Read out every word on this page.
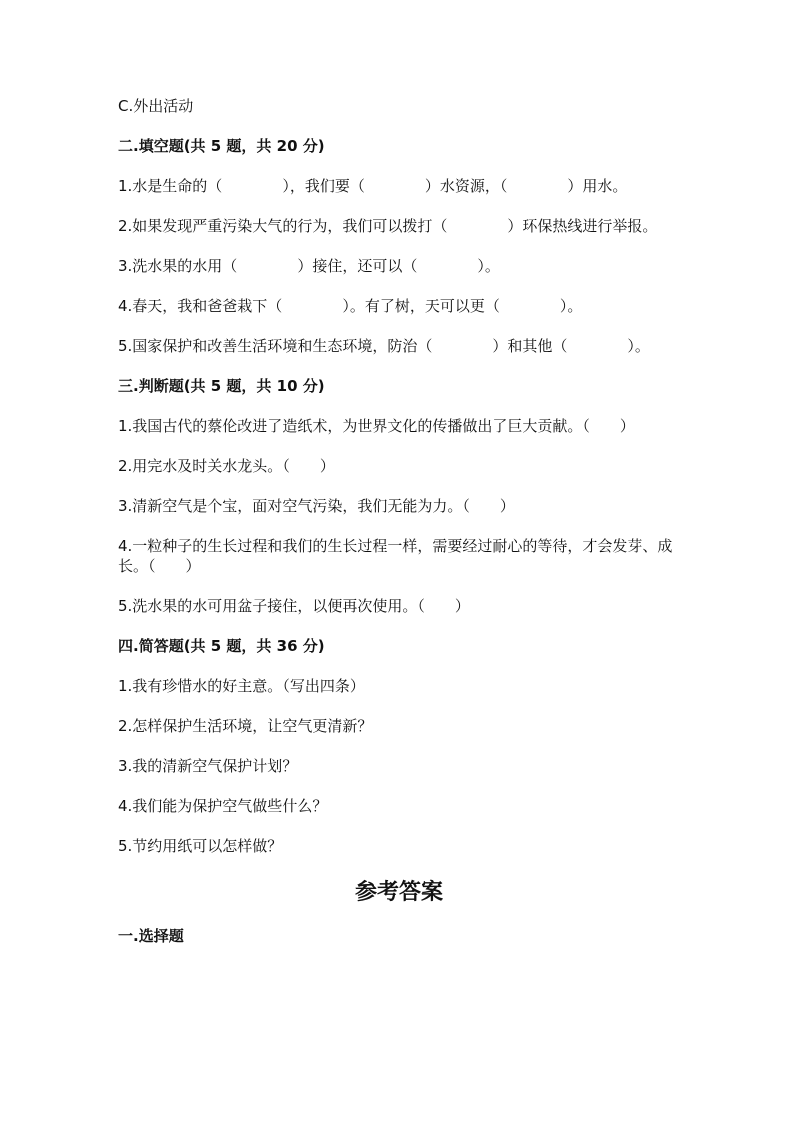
C.外出活动
二.填空题(共 5 题，共 20 分)
1.水是生命的（　　　　），我们要（　　　　）水资源，（　　　　）用水。
2.如果发现严重污染大气的行为，我们可以拨打（　　　　）环保热线进行举报。
3.洗水果的水用（　　　　）接住，还可以（　　　　）。
4.春天，我和爸爸栽下（　　　　）。有了树，天可以更（　　　　）。
5.国家保护和改善生活环境和生态环境，防治（　　　　）和其他（　　　　）。
三.判断题(共 5 题，共 10 分)
1.我国古代的蔡伦改进了造纸术，为世界文化的传播做出了巨大贡献。（　　）
2.用完水及时关水龙头。（　　）
3.清新空气是个宝，面对空气污染，我们无能为力。（　　）
4.一粒种子的生长过程和我们的生长过程一样，需要经过耐心的等待，才会发芽、成长。（　　）
5.洗水果的水可用盆子接住，以便再次使用。（　　）
四.简答题(共 5 题，共 36 分)
1.我有珍惜水的好主意。（写出四条）
2.怎样保护生活环境，让空气更清新？
3.我的清新空气保护计划？
4.我们能为保护空气做些什么？
5.节约用纸可以怎样做？
参考答案
一.选择题
